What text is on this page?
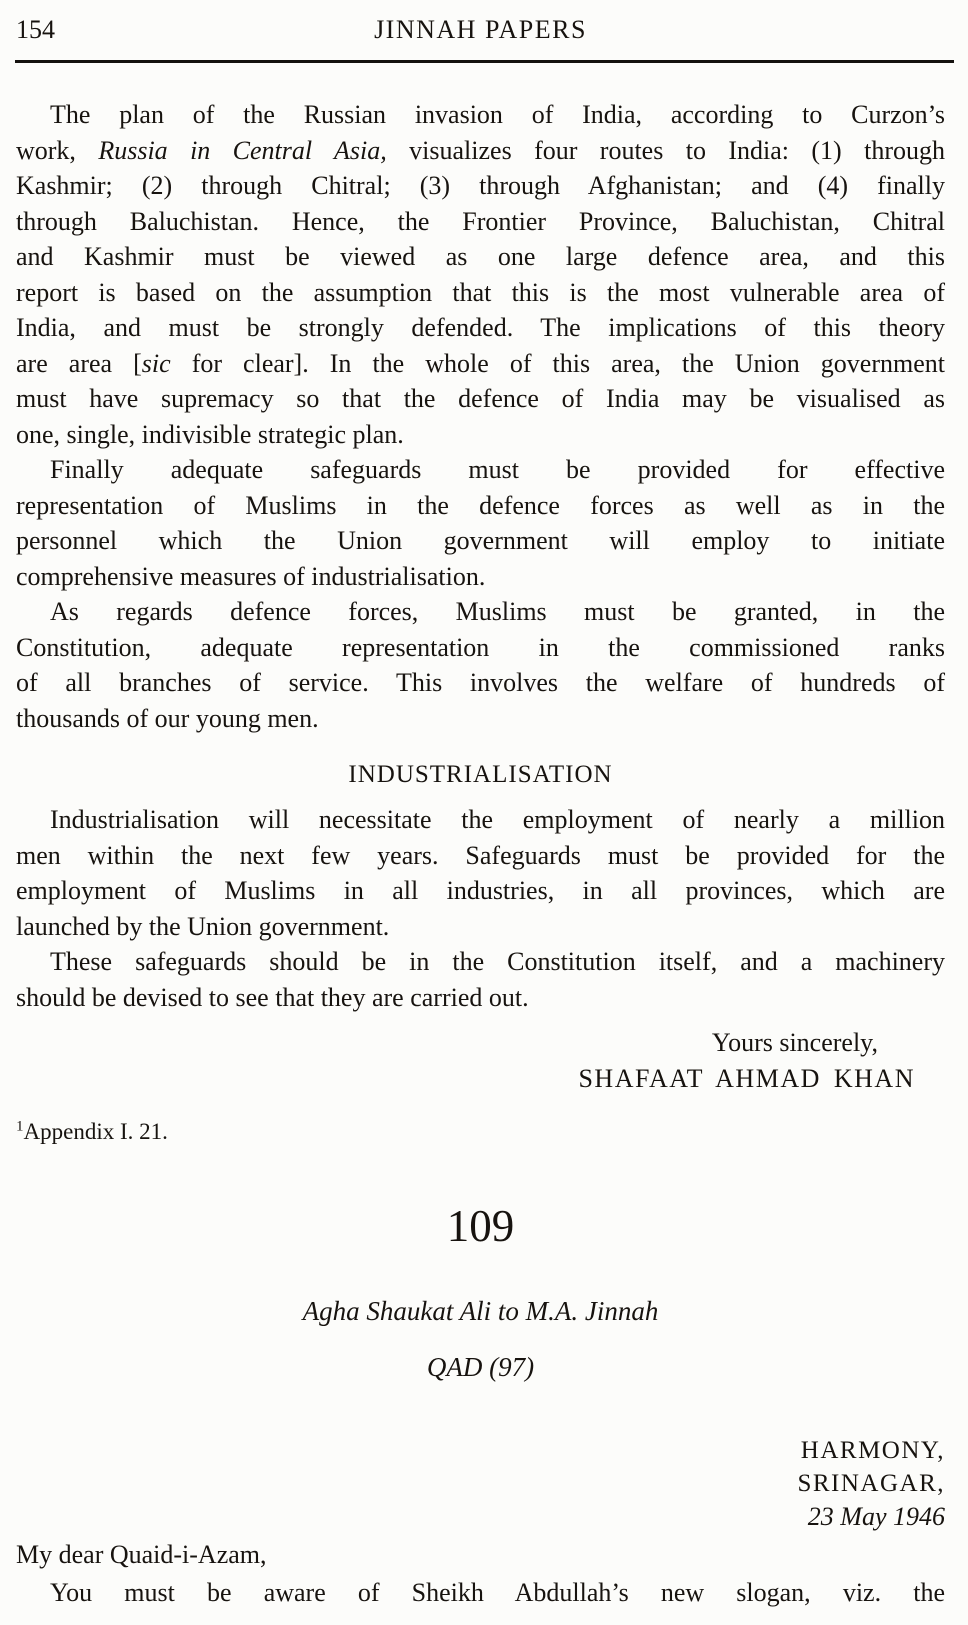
154	JINNAH PAPERS
The plan of the Russian invasion of India, according to Curzon’s
work, Russia in Central Asia, visualizes four routes to India: (1) through
Kashmir; (2) through Chitral; (3) through Afghanistan; and (4) finally
through Baluchistan. Hence, the Frontier Province, Baluchistan, Chitral
and Kashmir must be viewed as one large defence area, and this
report is based on the assumption that this is the most vulnerable area of
India, and must be strongly defended. The implications of this theory
are area [sic for clear]. In the whole of this area, the Union government
must have supremacy so that the defence of India may be visualised as
one, single, indivisible strategic plan.
Finally adequate safeguards must be provided for effective
representation of Muslims in the defence forces as well as in the
personnel which the Union government will employ to initiate
comprehensive measures of industrialisation.
As regards defence forces, Muslims must be granted, in the
Constitution, adequate representation in the commissioned ranks
of all branches of service. This involves the welfare of hundreds of
thousands of our young men.
INDUSTRIALISATION
Industrialisation will necessitate the employment of nearly a million
men within the next few years. Safeguards must be provided for the
employment of Muslims in all industries, in all provinces, which are
launched by the Union government.
These safeguards should be in the Constitution itself, and a machinery
should be devised to see that they are carried out.
Yours sincerely,
SHAFAAT AHMAD KHAN
$^1$Appendix I. 21.
109
Agha Shaukat Ali to M.A. Jinnah
QAD (97)
HARMONY,
SRINAGAR,
23 May 1946
My dear Quaid-i-Azam,
You must be aware of Sheikh Abdullah’s new slogan, viz. the
